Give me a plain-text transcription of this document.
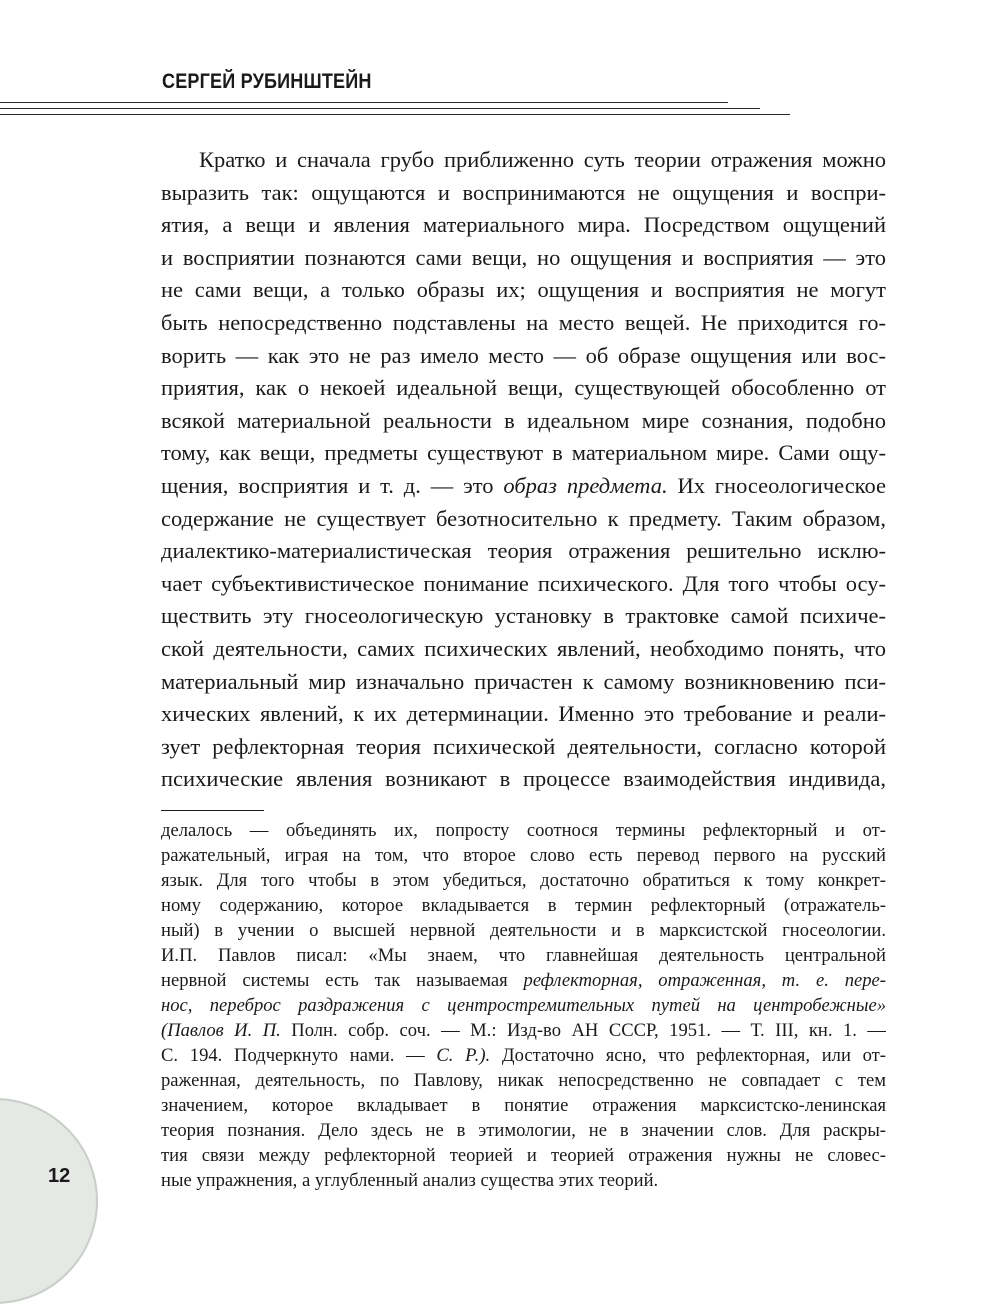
СЕРГЕЙ РУБИНШТЕЙН
Кратко и сначала грубо приближенно суть теории отражения можно
выразить так: ощущаются и воспринимаются не ощущения и воспри-
ятия, а вещи и явления материального мира. Посредством ощущений
и восприятии познаются сами вещи, но ощущения и восприятия — это
не сами вещи, а только образы их; ощущения и восприятия не могут
быть непосредственно подставлены на место вещей. Не приходится го-
ворить — как это не раз имело место — об образе ощущения или вос-
приятия, как о некоей идеальной вещи, существующей обособленно от
всякой материальной реальности в идеальном мире сознания, подобно
тому, как вещи, предметы существуют в материальном мире. Сами ощу-
щения, восприятия и т. д. — это образ предмета. Их гносеологическое
содержание не существует безотносительно к предмету. Таким образом,
диалектико-материалистическая теория отражения решительно исклю-
чает субъективистическое понимание психического. Для того чтобы осу-
ществить эту гносеологическую установку в трактовке самой психиче-
ской деятельности, самих психических явлений, необходимо понять, что
материальный мир изначально причастен к самому возникновению пси-
хических явлений, к их детерминации. Именно это требование и реали-
зует рефлекторная теория психической деятельности, согласно которой
психические явления возникают в процессе взаимодействия индивида,
делалось — объединять их, попросту соотнося термины рефлекторный и от-
ражательный, играя на том, что второе слово есть перевод первого на русский
язык. Для того чтобы в этом убедиться, достаточно обратиться к тому конкрет-
ному содержанию, которое вкладывается в термин рефлекторный (отражатель-
ный) в учении о высшей нервной деятельности и в марксистской гносеологии.
И.П. Павлов писал: «Мы знаем, что главнейшая деятельность центральной
нервной системы есть так называемая рефлекторная, отраженная, т. е. пере-
нос, переброс раздражения с центростремительных путей на центробежные»
(Павлов И. П. Полн. собр. соч. — М.: Изд-во АН СССР, 1951. — Т. III, кн. 1. —
С. 194. Подчеркнуто нами. — С. Р.). Достаточно ясно, что рефлекторная, или от-
раженная, деятельность, по Павлову, никак непосредственно не совпадает с тем
значением, которое вкладывает в понятие отражения марксистско-ленинская
теория познания. Дело здесь не в этимологии, не в значении слов. Для раскры-
тия связи между рефлекторной теорией и теорией отражения нужны не словес-
ные упражнения, а углубленный анализ существа этих теорий.
12
